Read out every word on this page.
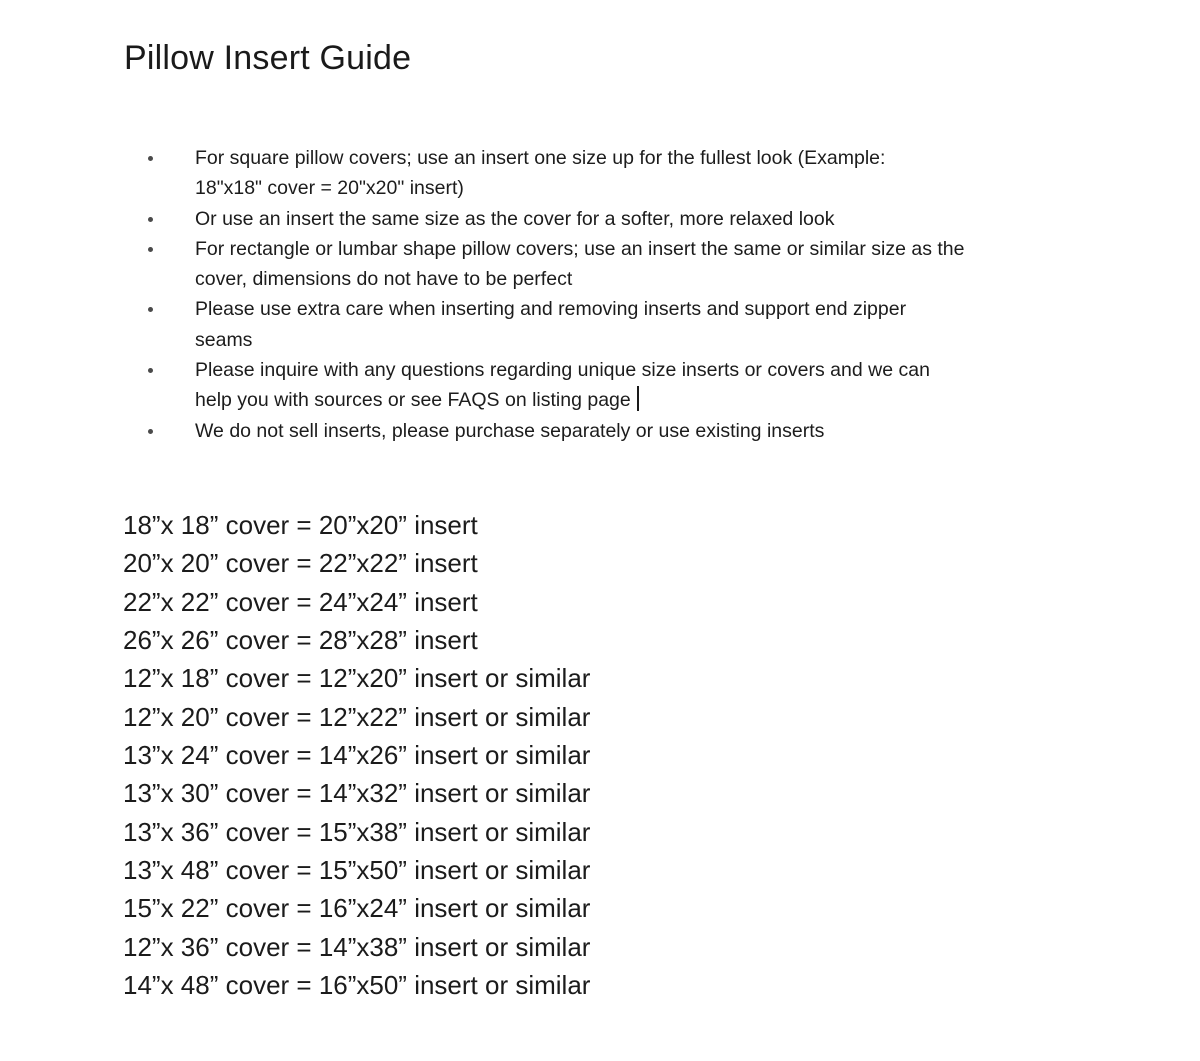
Pillow Insert Guide
For square pillow covers; use an insert one size up for the fullest look (Example:
18"x18" cover = 20"x20" insert)
Or use an insert the same size as the cover for a softer, more relaxed look
For rectangle or lumbar shape pillow covers; use an insert the same or similar size as the
cover, dimensions do not have to be perfect
Please use extra care when inserting and removing inserts and support end zipper
seams
Please inquire with any questions regarding unique size inserts or covers and we can
help you with sources or see FAQS on listing page
We do not sell inserts, please purchase separately or use existing inserts
18”x 18” cover = 20”x20” insert
20”x 20” cover = 22”x22” insert
22”x 22” cover = 24”x24” insert
26”x 26” cover = 28”x28” insert
12”x 18” cover = 12”x20” insert or similar
12”x 20” cover = 12”x22” insert or similar
13”x 24” cover = 14”x26” insert or similar
13”x 30” cover = 14”x32” insert or similar
13”x 36” cover = 15”x38” insert or similar
13”x 48” cover = 15”x50” insert or similar
15”x 22” cover = 16”x24” insert or similar
12”x 36” cover = 14”x38” insert or similar
14”x 48” cover = 16”x50” insert or similar
